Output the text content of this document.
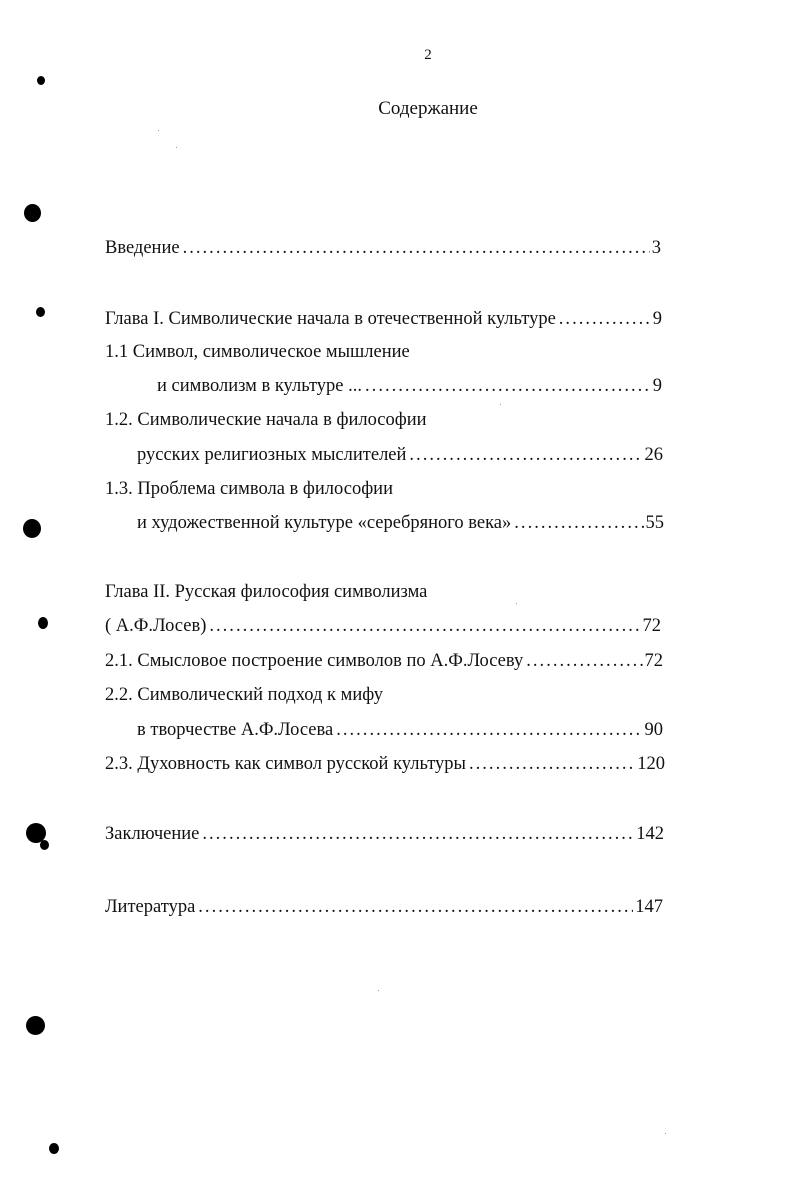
2
Содержание
Введение . . .	3
Глава I. Символические начала в отечественной культуре . . .	9
1.1 Символ, символическое мышление
и символизм в культуре ... . . .	9
1.2. Символические начала в философии
русских религиозных мыслителей . . .	26
1.3. Проблема символа в философии
и художественной культуре «серебряного века» . . .	55
Глава II. Русская философия символизма
( А.Ф.Лосев) . . .	72
2.1. Смысловое построение символов по А.Ф.Лосеву . . .	72
2.2. Символический подход к мифу
в творчестве А.Ф.Лосева . . .	90
2.3. Духовность как символ русской культуры . . .	120
Заключение . . .	142
Литература . . .	147
